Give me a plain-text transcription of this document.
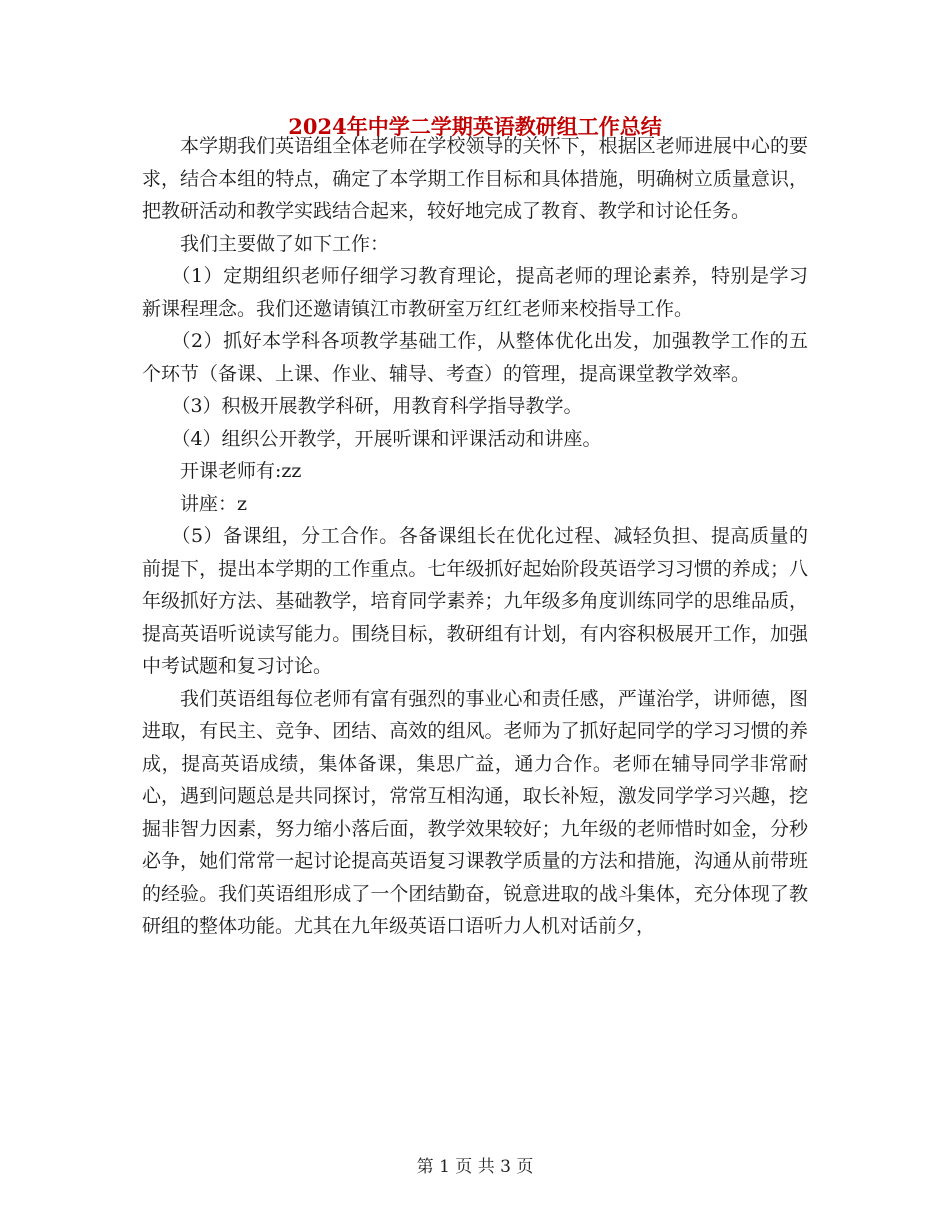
2024年中学二学期英语教研组工作总结

本学期我们英语组全体老师在学校领导的关怀下，根据区老师进展中心的要求，结合本组的特点，确定了本学期工作目标和具体措施，明确树立质量意识，把教研活动和教学实践结合起来，较好地完成了教育、教学和讨论任务。

我们主要做了如下工作：

（1）定期组织老师仔细学习教育理论，提高老师的理论素养，特别是学习新课程理念。我们还邀请镇江市教研室万红红老师来校指导工作。

（2）抓好本学科各项教学基础工作，从整体优化出发，加强教学工作的五个环节（备课、上课、作业、辅导、考查）的管理，提高课堂教学效率。

（3）积极开展教学科研，用教育科学指导教学。

（4）组织公开教学，开展听课和评课活动和讲座。

开课老师有:zz

讲座：z

（5）备课组，分工合作。各备课组长在优化过程、减轻负担、提高质量的前提下，提出本学期的工作重点。七年级抓好起始阶段英语学习习惯的养成；八年级抓好方法、基础教学，培育同学素养；九年级多角度训练同学的思维品质，提高英语听说读写能力。围绕目标，教研组有计划，有内容积极展开工作，加强中考试题和复习讨论。

我们英语组每位老师有富有强烈的事业心和责任感，严谨治学，讲师德，图进取，有民主、竞争、团结、高效的组风。老师为了抓好起同学的学习习惯的养成，提高英语成绩，集体备课，集思广益，通力合作。老师在辅导同学非常耐心，遇到问题总是共同探讨，常常互相沟通，取长补短，激发同学学习兴趣，挖掘非智力因素，努力缩小落后面，教学效果较好；九年级的老师惜时如金，分秒必争，她们常常一起讨论提高英语复习课教学质量的方法和措施，沟通从前带班的经验。我们英语组形成了一个团结勤奋，锐意进取的战斗集体，充分体现了教研组的整体功能。尤其在九年级英语口语听力人机对话前夕，

第 1 页 共 3 页
